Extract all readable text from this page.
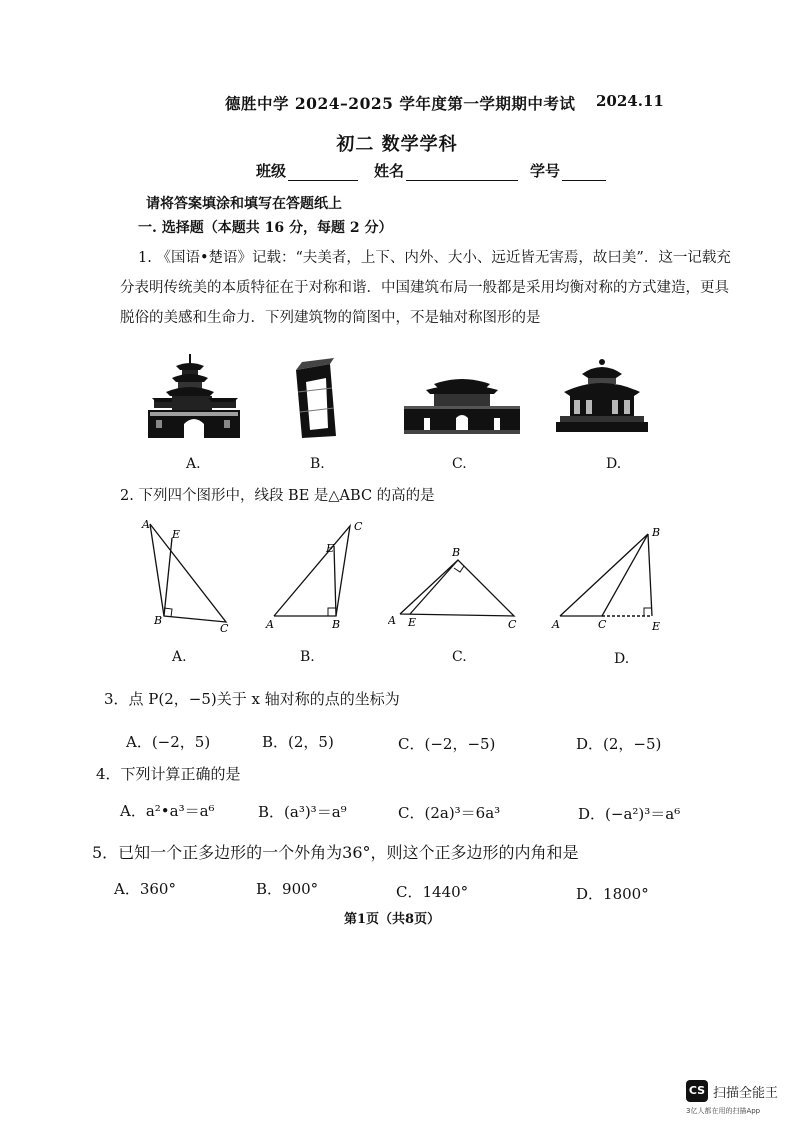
德胜中学 2024–2025 学年度第一学期期中考试 2024.11
初二 数学学科
班级	姓名	学号
请将答案填涂和填写在答题纸上
一. 选择题（本题共 16 分，每题 2 分）
1. 《国语•楚语》记载：“夫美者，上下、内外、大小、远近皆无害焉，故曰美”．这一记载充分表明传统美的本质特征在于对称和谐．中国建筑布局一般都是采用均衡对称的方式建造，更具脱俗的美感和生命力．下列建筑物的简图中，不是轴对称图形的是
A.	B.	C.	D.
2. 下列四个图形中，线段 BE 是△ABC 的高的是
A
E
B
C	A
E
C
B
B
A E	C
B
A	C	E
A.	B.	C.	D.
3．点 P(2，−5)关于 x 轴对称的点的坐标为
A．(−2，5)	B．(2，5)	C．(−2，−5)	D．(2，−5)
4．下列计算正确的是
A．a²•a³＝a⁶	B．(a³)³＝a⁹	C．(2a)³＝6a³	D．(−a²)³＝a⁶
5．已知一个正多边形的一个外角为36°，则这个正多边形的内角和是
A．360°	B．900°	C．1440°	D．1800°
第1页（共8页）
CS 扫描全能王
3亿人都在用的扫描App
